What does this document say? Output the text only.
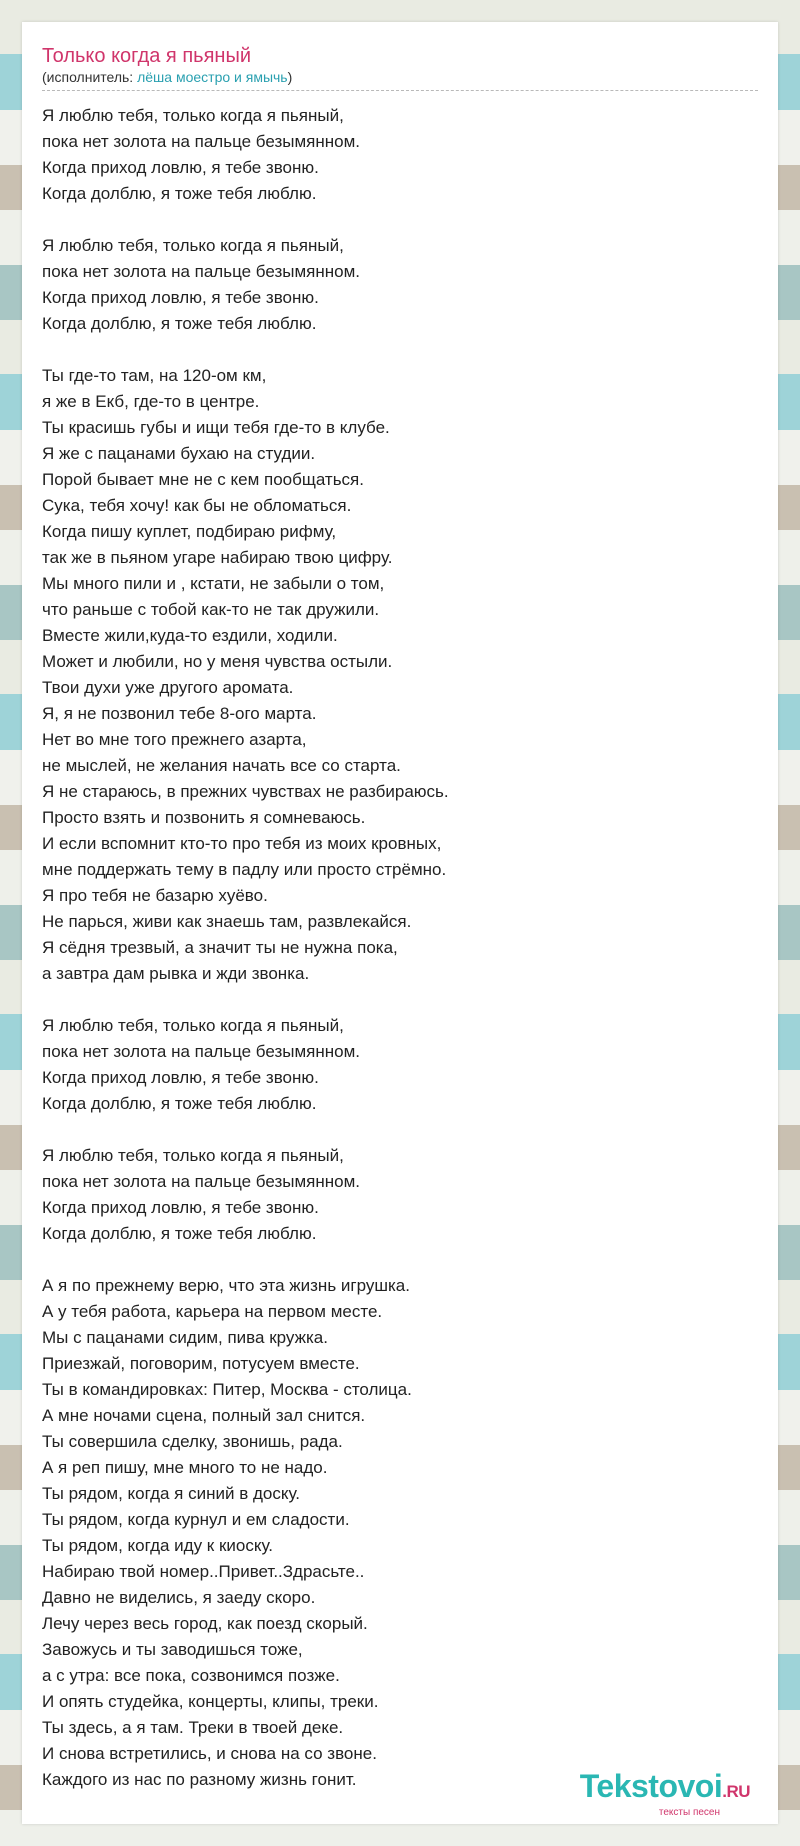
Только когда я пьяный
(исполнитель: лёша моестро и ямычь)
Я люблю тебя, только когда я пьяный,
пока нет золота на пальце безымянном.
Когда приход ловлю, я тебе звоню.
Когда долблю, я тоже тебя люблю.
Я люблю тебя, только когда я пьяный,
пока нет золота на пальце безымянном.
Когда приход ловлю, я тебе звоню.
Когда долблю, я тоже тебя люблю.
Ты где-то там, на 120-ом км,
я же в Екб, где-то в центре.
Ты красишь губы и ищи тебя где-то в клубе.
Я же с пацанами бухаю на студии.
Порой бывает мне не с кем пообщаться.
Сука, тебя хочу! как бы не обломаться.
Когда пишу куплет, подбираю рифму,
так же в пьяном угаре набираю твою цифру.
Мы много пили и , кстати, не забыли о том,
что раньше с тобой как-то не так дружили.
Вместе жили,куда-то ездили, ходили.
Может и любили, но у меня чувства остыли.
Твои духи уже другого аромата.
Я, я не позвонил тебе 8-ого марта.
Нет во мне того прежнего азарта,
не мыслей, не желания начать все со старта.
Я не стараюсь, в прежних чувствах не разбираюсь.
Просто взять и позвонить я сомневаюсь.
И если вспомнит кто-то про тебя из моих кровных,
мне поддержать тему в падлу или просто стрёмно.
Я про тебя не базарю хуёво.
Не парься, живи как знаешь там, развлекайся.
Я сёдня трезвый, а значит ты не нужна пока,
а завтра дам рывка и жди звонка.
Я люблю тебя, только когда я пьяный,
пока нет золота на пальце безымянном.
Когда приход ловлю, я тебе звоню.
Когда долблю, я тоже тебя люблю.
Я люблю тебя, только когда я пьяный,
пока нет золота на пальце безымянном.
Когда приход ловлю, я тебе звоню.
Когда долблю, я тоже тебя люблю.
А я по прежнему верю, что эта жизнь игрушка.
А у тебя работа, карьера на первом месте.
Мы с пацанами сидим, пива кружка.
Приезжай, поговорим, потусуем вместе.
Ты в командировках: Питер, Москва - столица.
А мне ночами сцена, полный зал снится.
Ты совершила сделку, звонишь, рада.
А я реп пишу, мне много то не надо.
Ты рядом, когда я синий в доску.
Ты рядом, когда курнул и ем сладости.
Ты рядом, когда иду к киоску.
Набираю твой номер..Привет..Здрасьте..
Давно не виделись, я заеду скоро.
Лечу через весь город, как поезд скорый.
Завожусь и ты заводишься тоже,
а с утра: все пока, созвонимся позже.
И опять студейка, концерты, клипы, треки.
Ты здесь, а я там. Треки в твоей деке.
И снова встретились, и снова на со звоне.
Каждого из нас по разному жизнь гонит.	Tekstovoi.RU
тексты песен
